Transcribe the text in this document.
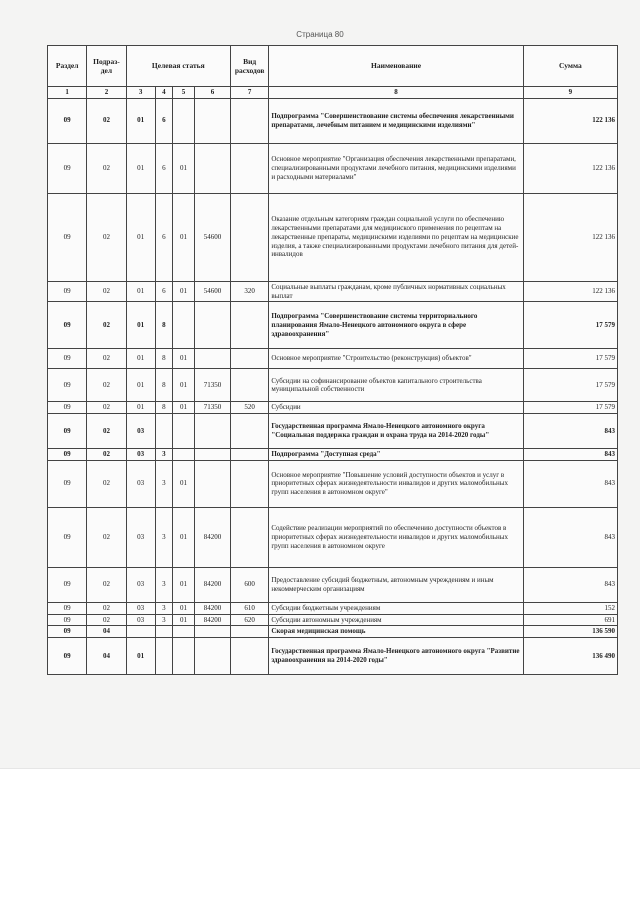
Страница 80
Раздел	Подраз-дел	Целевая статья				Вид расходов	Наименование	Сумма
1	2	3	4	5	6	7	8	9
09	02	01	6				Подпрограмма "Совершенствование системы обеспечения лекарственными препаратами, лечебным питанием и медицинскими изделиями"	122 136
09	02	01	6	01			Основное мероприятие "Организация обеспечения лекарственными препаратами, специализированными продуктами лечебного питания, медицинскими изделиями и расходными материалами"	122 136
09	02	01	6	01	54600		Оказание отдельным категориям граждан социальной услуги по обеспечению лекарственными препаратами для медицинского применения по рецептам на лекарственные препараты, медицинскими изделиями по рецептам на медицинские изделия, а также специализированными продуктами лечебного питания для детей-инвалидов	122 136
09	02	01	6	01	54600	320	Социальные выплаты гражданам, кроме публичных нормативных социальных выплат	122 136
09	02	01	8				Подпрограмма "Совершенствование системы территориального планирования Ямало-Ненецкого автономного округа в сфере здравоохранения"	17 579
09	02	01	8	01			Основное мероприятие "Строительство (реконструкция) объектов"	17 579
09	02	01	8	01	71350		Субсидии на софинансирование объектов капитального строительства муниципальной собственности	17 579
09	02	01	8	01	71350	520	Субсидии	17 579
09	02	03					Государственная программа Ямало-Ненецкого автономного округа "Социальная поддержка граждан и охрана труда на 2014-2020 годы"	843
09	02	03	3				Подпрограмма "Доступная среда"	843
09	02	03	3	01			Основное мероприятие "Повышение условий доступности объектов и услуг в приоритетных сферах жизнедеятельности инвалидов и других маломобильных групп населения в автономном округе"	843
09	02	03	3	01	84200		Содействие реализации мероприятий по обеспечению доступности объектов в приоритетных сферах жизнедеятельности инвалидов и других маломобильных групп населения в автономном округе	843
09	02	03	3	01	84200	600	Предоставление субсидий бюджетным, автономным учреждениям и иным некоммерческим организациям	843
09	02	03	3	01	84200	610	Субсидии бюджетным учреждениям	152
09	02	03	3	01	84200	620	Субсидии автономным учреждениям	691
09	04						Скорая медицинская помощь	136 590
09	04	01					Государственная программа Ямало-Ненецкого автономного округа "Развитие здравоохранения на 2014-2020 годы"	136 490
